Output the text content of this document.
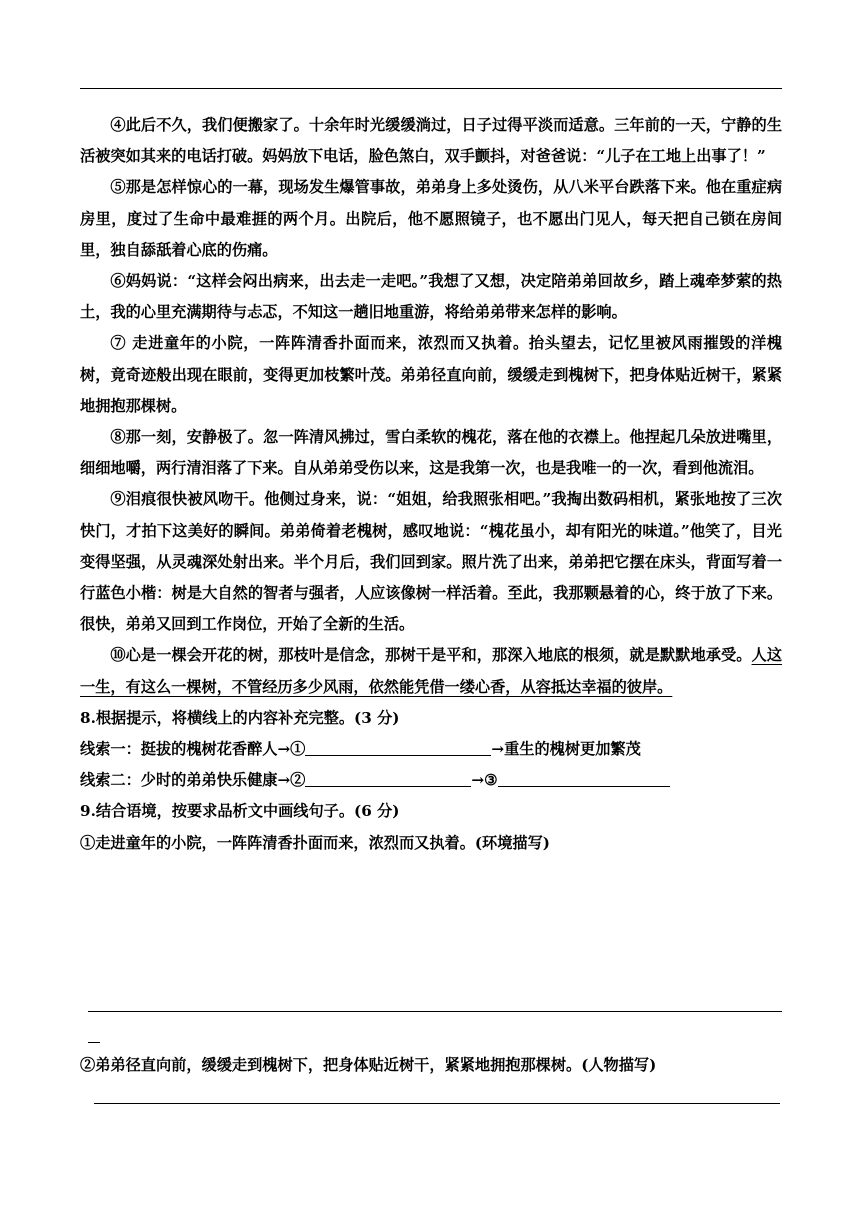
④此后不久，我们便搬家了。十余年时光缓缓淌过，日子过得平淡而适意。三年前的一天，宁静的生活被突如其来的电话打破。妈妈放下电话，脸色煞白，双手颤抖，对爸爸说：“儿子在工地上出事了！”

⑤那是怎样惊心的一幕，现场发生爆管事故，弟弟身上多处烫伤，从八米平台跌落下来。他在重症病房里，度过了生命中最难捱的两个月。出院后，他不愿照镜子，也不愿出门见人，每天把自己锁在房间里，独自舔舐着心底的伤痛。

⑥妈妈说：“这样会闷出病来，出去走一走吧。”我想了又想，决定陪弟弟回故乡，踏上魂牵梦萦的热土，我的心里充满期待与忐忑，不知这一趟旧地重游，将给弟弟带来怎样的影响。

⑦ 走进童年的小院，一阵阵清香扑面而来，浓烈而又执着。抬头望去，记忆里被风雨摧毁的洋槐树，竟奇迹般出现在眼前，变得更加枝繁叶茂。弟弟径直向前，缓缓走到槐树下，把身体贴近树干，紧紧地拥抱那棵树。

⑧那一刻，安静极了。忽一阵清风拂过，雪白柔软的槐花，落在他的衣襟上。他捏起几朵放进嘴里，细细地嚼，两行清泪落了下来。自从弟弟受伤以来，这是我第一次，也是我唯一的一次，看到他流泪。

⑨泪痕很快被风吻干。他侧过身来，说：“姐姐，给我照张相吧。”我掏出数码相机，紧张地按了三次快门，才拍下这美好的瞬间。弟弟倚着老槐树，感叹地说：“槐花虽小，却有阳光的味道。”他笑了，目光变得坚强，从灵魂深处射出来。半个月后，我们回到家。照片洗了出来，弟弟把它摆在床头，背面写着一行蓝色小楷：树是大自然的智者与强者，人应该像树一样活着。至此，我那颗悬着的心，终于放了下来。很快，弟弟又回到工作岗位，开始了全新的生活。

⑩心是一棵会开花的树，那枝叶是信念，那树干是平和，那深入地底的根须，就是默默地承受。人这一生，有这么一棵树，不管经历多少风雨，依然能凭借一缕心香，从容抵达幸福的彼岸。

8.根据提示，将横线上的内容补充完整。(3 分)

线索一：挺拔的槐树花香醉人→①	→重生的槐树更加繁茂

线索二：少时的弟弟快乐健康→②	→③

9.结合语境，按要求品析文中画线句子。(6 分)

①走进童年的小院，一阵阵清香扑面而来，浓烈而又执着。(环境描写)

②弟弟径直向前，缓缓走到槐树下，把身体贴近树干，紧紧地拥抱那棵树。(人物描写)
